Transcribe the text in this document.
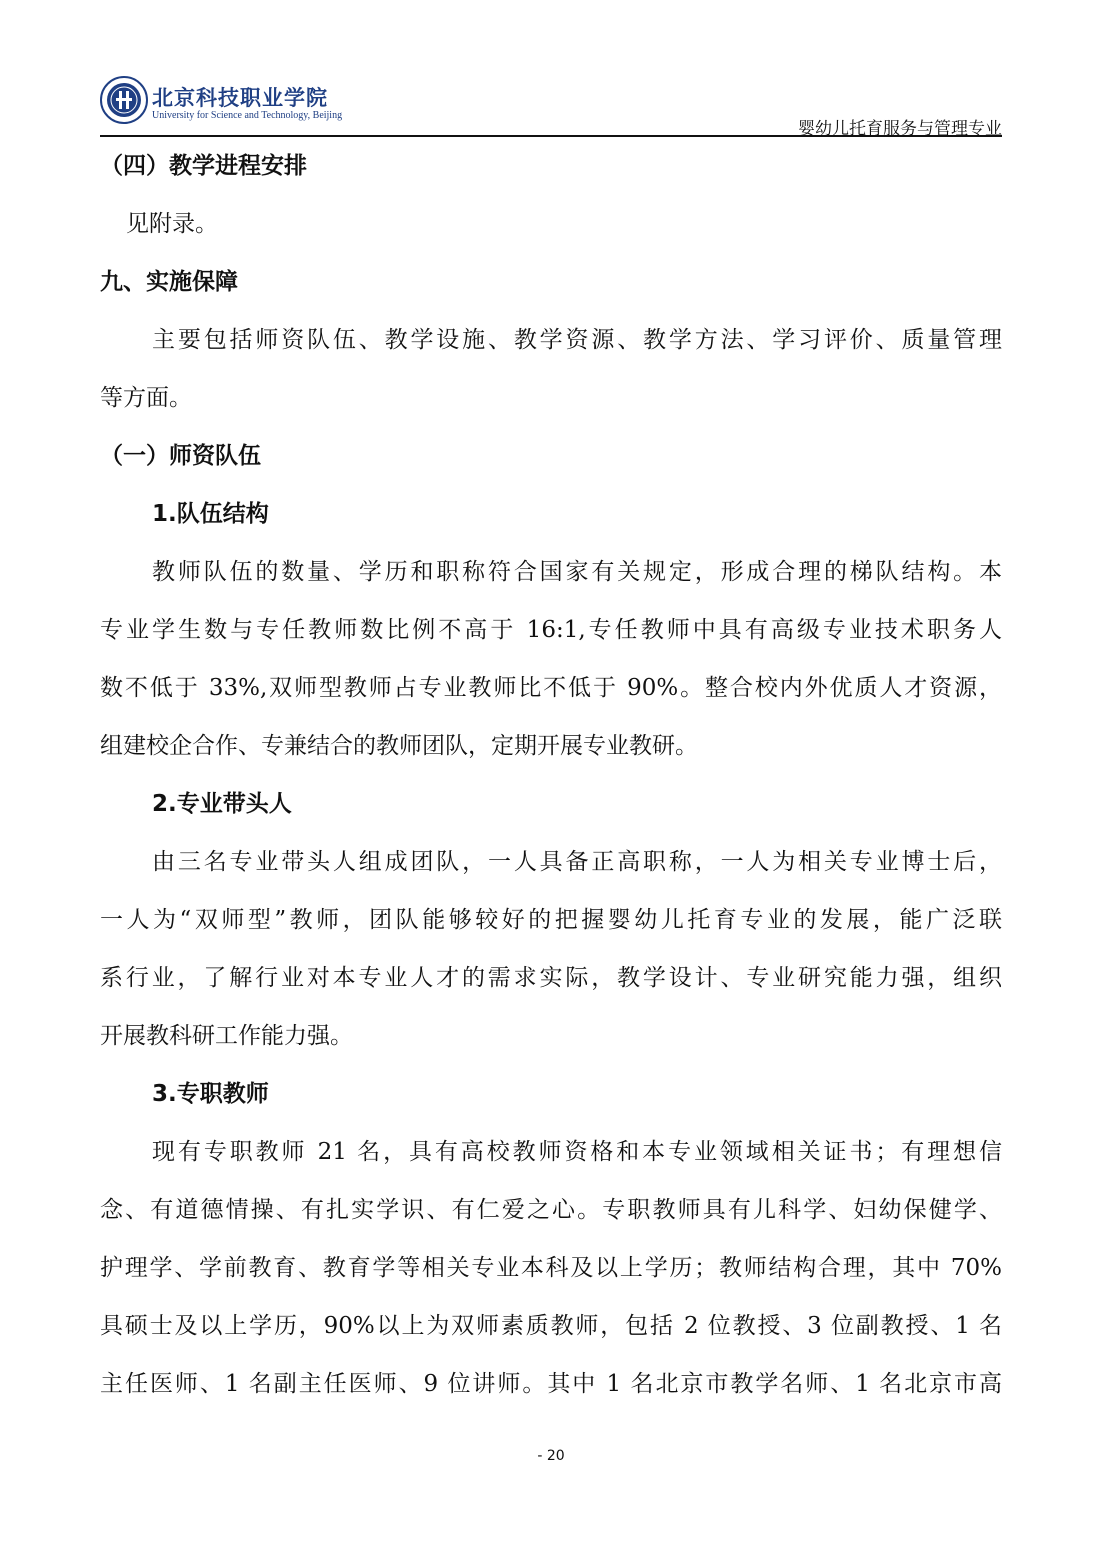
北京科技职业学院
University for Science and Technology, Beijing
婴幼儿托育服务与管理专业
（四）教学进程安排
见附录。
九、实施保障
主要包括师资队伍、教学设施、教学资源、教学方法、学习评价、质量管理
等方面。
（一）师资队伍
1.队伍结构
教师队伍的数量、学历和职称符合国家有关规定，形成合理的梯队结构。本
专业学生数与专任教师数比例不高于 16:1,专任教师中具有高级专业技术职务人
数不低于 33%,双师型教师占专业教师比不低于 90%。整合校内外优质人才资源，
组建校企合作、专兼结合的教师团队，定期开展专业教研。
2.专业带头人
由三名专业带头人组成团队，一人具备正高职称，一人为相关专业博士后，
一人为“双师型”教师，团队能够较好的把握婴幼儿托育专业的发展，能广泛联
系行业，了解行业对本专业人才的需求实际，教学设计、专业研究能力强，组织
开展教科研工作能力强。
3.专职教师
现有专职教师 21 名，具有高校教师资格和本专业领域相关证书；有理想信
念、有道德情操、有扎实学识、有仁爱之心。专职教师具有儿科学、妇幼保健学、
护理学、学前教育、教育学等相关专业本科及以上学历；教师结构合理，其中 70%
具硕士及以上学历，90%以上为双师素质教师，包括 2 位教授、3 位副教授、1 名
主任医师、1 名副主任医师、9 位讲师。其中 1 名北京市教学名师、1 名北京市高
- 20
